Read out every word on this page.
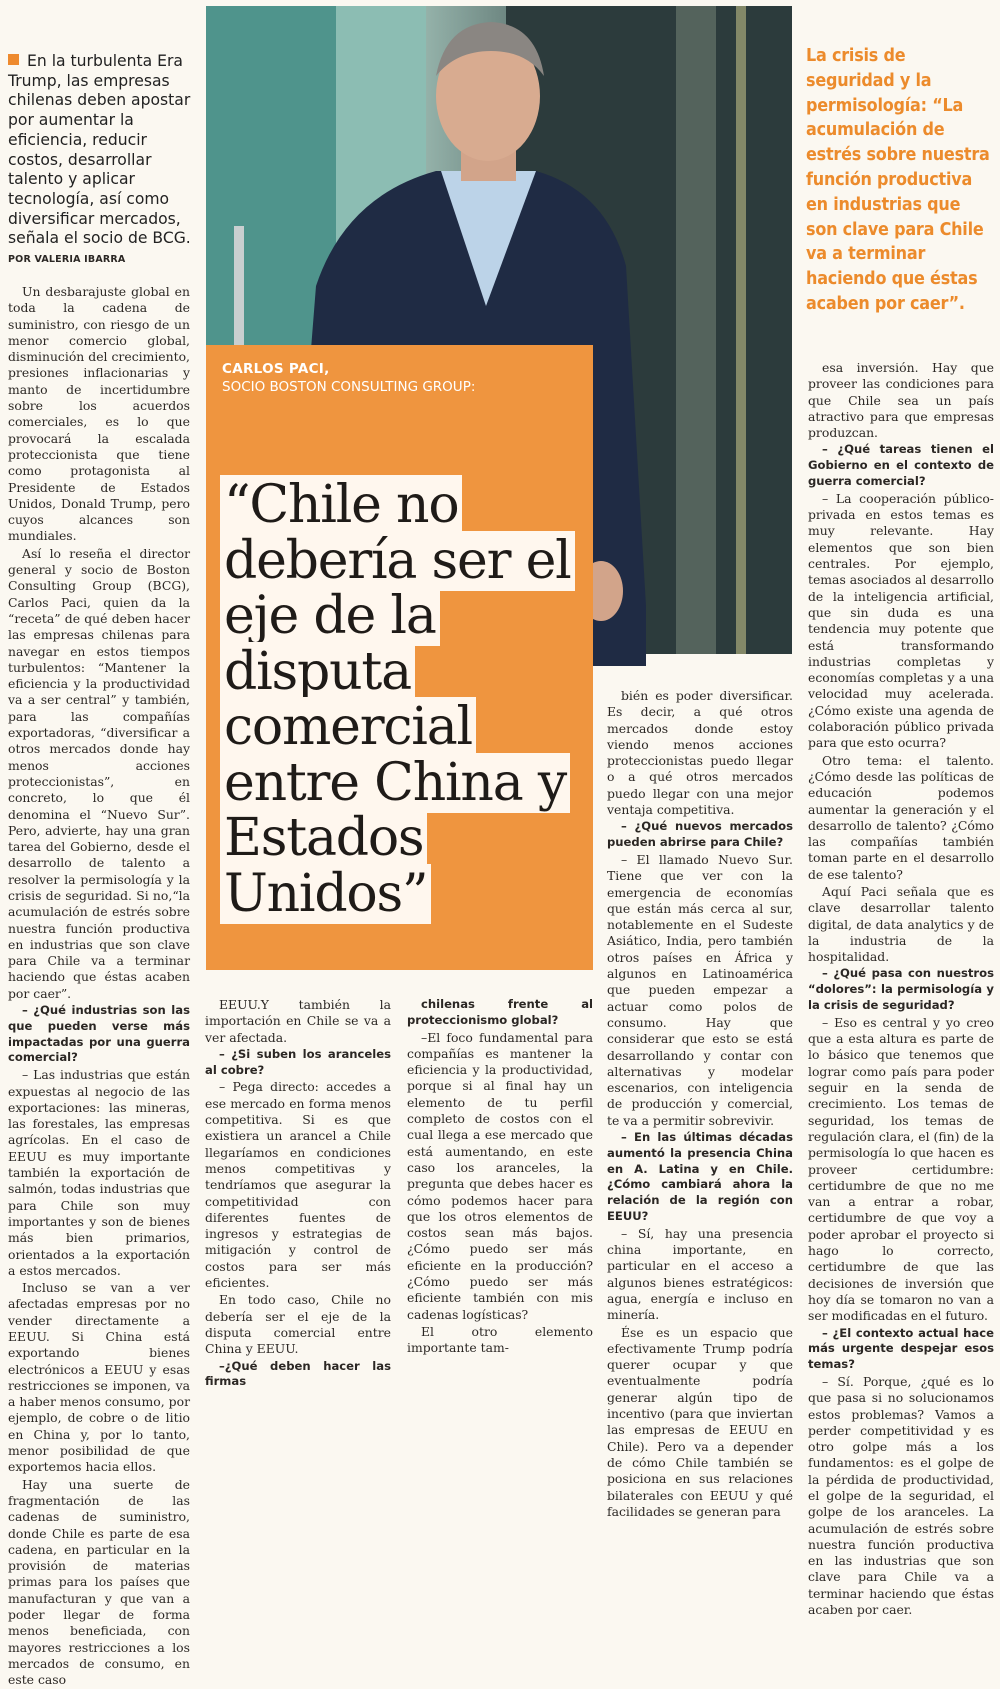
En la turbulenta Era Trump, las empresas chilenas deben apostar por aumentar la eficiencia, reducir costos, desarrollar talento y aplicar tecnología, así como diversificar mercados, señala el socio de BCG.
POR VALERIA IBARRA
CARLOS PACI,
SOCIO BOSTON CONSULTING GROUP:
“Chile no debería ser el eje de la disputa comercial entre China y Estados Unidos”
La crisis de seguridad y la permisología: “La acumulación de estrés sobre nuestra función productiva en industrias que son clave para Chile va a terminar haciendo que éstas acaben por caer”.

Un desbarajuste global en toda la cadena de suministro, con riesgo de un menor comercio global, disminución del crecimiento, presiones inflacionarias y manto de incertidumbre sobre los acuerdos comerciales, es lo que provocará la escalada proteccionista que tiene como protagonista al Presidente de Estados Unidos, Donald Trump, pero cuyos alcances son mundiales.

Así lo reseña el director general y socio de Boston Consulting Group (BCG), Carlos Paci, quien da la “receta” de qué deben hacer las empresas chilenas para navegar en estos tiempos turbulentos: “Mantener la eficiencia y la productividad va a ser central” y también, para las compañías exportadoras, “diversificar a otros mercados donde hay menos acciones proteccionistas”, en concreto, lo que él denomina el “Nuevo Sur”. Pero, advierte, hay una gran tarea del Gobierno, desde el desarrollo de talento a resolver la permisología y la crisis de seguridad. Si no,“la acumulación de estrés sobre nuestra función productiva en industrias que son clave para Chile va a terminar haciendo que éstas acaben por caer”.

– ¿Qué industrias son las que pueden verse más impactadas por una guerra comercial?

– Las industrias que están expuestas al negocio de las exportaciones: las mineras, las forestales, las empresas agrícolas. En el caso de EEUU es muy importante también la exportación de salmón, todas industrias que para Chile son muy importantes y son de bienes más bien primarios, orientados a la exportación a estos mercados.

Incluso se van a ver afectadas empresas por no vender directamente a EEUU. Si China está exportando bienes electrónicos a EEUU y esas restricciones se imponen, va a haber menos consumo, por ejemplo, de cobre o de litio en China y, por lo tanto, menor posibilidad de que exportemos hacia ellos.

Hay una suerte de fragmentación de las cadenas de suministro, donde Chile es parte de esa cadena, en particular en la provisión de materias primas para los países que manufacturan y que van a poder llegar de forma menos beneficiada, con mayores restricciones a los mercados de consumo, en este caso

EEUU.Y también la importación en Chile se va a ver afectada.

– ¿Si suben los aranceles al cobre?

– Pega directo: accedes a ese mercado en forma menos competitiva. Si es que existiera un arancel a Chile llegaríamos en condiciones menos competitivas y tendríamos que asegurar la competitividad con diferentes fuentes de ingresos y estrategias de mitigación y control de costos para ser más eficientes.

En todo caso, Chile no debería ser el eje de la disputa comercial entre China y EEUU.

–¿Qué deben hacer las firmas

chilenas frente al proteccionismo global?

–El foco fundamental para compañías es mantener la eficiencia y la productividad, porque si al final hay un elemento de tu perfil completo de costos con el cual llega a ese mercado que está aumentando, en este caso los aranceles, la pregunta que debes hacer es cómo podemos hacer para que los otros elementos de costos sean más bajos. ¿Cómo puedo ser más eficiente en la producción? ¿Cómo puedo ser más eficiente también con mis cadenas logísticas?

El otro elemento importante tam-

bién es poder diversificar. Es decir, a qué otros mercados donde estoy viendo menos acciones proteccionistas puedo llegar o a qué otros mercados puedo llegar con una mejor ventaja competitiva.

– ¿Qué nuevos mercados pueden abrirse para Chile?

– El llamado Nuevo Sur. Tiene que ver con la emergencia de economías que están más cerca al sur, notablemente en el Sudeste Asiático, India, pero también otros países en África y algunos en Latinoamérica que pueden empezar a actuar como polos de consumo. Hay que considerar que esto se está desarrollando y contar con alternativas y modelar escenarios, con inteligencia de producción y comercial, te va a permitir sobrevivir.

– En las últimas décadas aumentó la presencia China en A. Latina y en Chile. ¿Cómo cambiará ahora la relación de la región con EEUU?

– Sí, hay una presencia china importante, en particular en el acceso a algunos bienes estratégicos: agua, energía e incluso en minería.

Ése es un espacio que efectivamente Trump podría querer ocupar y que eventualmente podría generar algún tipo de incentivo (para que inviertan las empresas de EEUU en Chile). Pero va a depender de cómo Chile también se posiciona en sus relaciones bilaterales con EEUU y qué facilidades se generan para

esa inversión. Hay que proveer las condiciones para que Chile sea un país atractivo para que empresas produzcan.

– ¿Qué tareas tienen el Gobierno en el contexto de guerra comercial?

– La cooperación público-privada en estos temas es muy relevante. Hay elementos que son bien centrales. Por ejemplo, temas asociados al desarrollo de la inteligencia artificial, que sin duda es una tendencia muy potente que está transformando industrias completas y economías completas y a una velocidad muy acelerada. ¿Cómo existe una agenda de colaboración público privada para que esto ocurra?

Otro tema: el talento. ¿Cómo desde las políticas de educación podemos aumentar la generación y el desarrollo de talento? ¿Cómo las compañías también toman parte en el desarrollo de ese talento?

Aquí Paci señala que es clave desarrollar talento digital, de data analytics y de la industria de la hospitalidad.

– ¿Qué pasa con nuestros “dolores”: la permisología y la crisis de seguridad?

– Eso es central y yo creo que a esta altura es parte de lo básico que tenemos que lograr como país para poder seguir en la senda de crecimiento. Los temas de seguridad, los temas de regulación clara, el (fin) de la permisología lo que hacen es proveer certidumbre: certidumbre de que no me van a entrar a robar, certidumbre de que voy a poder aprobar el proyecto si hago lo correcto, certidumbre de que las decisiones de inversión que hoy día se tomaron no van a ser modificadas en el futuro.

– ¿El contexto actual hace más urgente despejar esos temas?

– Sí. Porque, ¿qué es lo que pasa si no solucionamos estos problemas? Vamos a perder competitividad y es otro golpe más a los fundamentos: es el golpe de la pérdida de productividad, el golpe de la seguridad, el golpe de los aranceles. La acumulación de estrés sobre nuestra función productiva en las industrias que son clave para Chile va a terminar haciendo que éstas acaben por caer.
